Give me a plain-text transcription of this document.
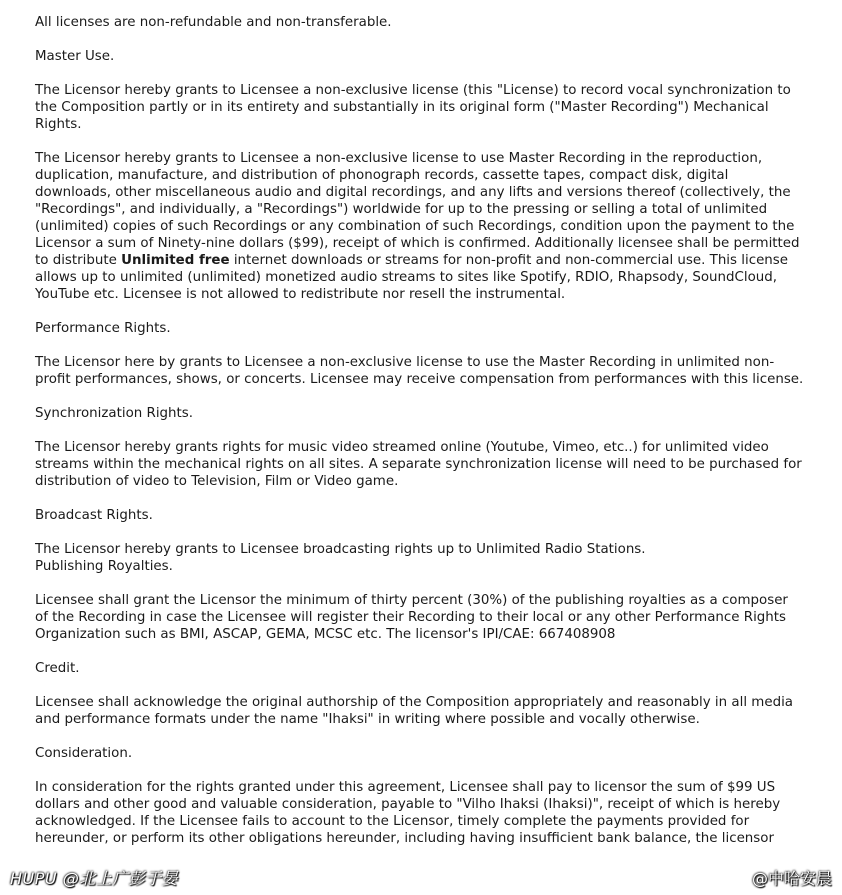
All licenses are non-refundable and non-transferable.

Master Use.

The Licensor hereby grants to Licensee a non-exclusive license (this "License) to record vocal synchronization to the Composition partly or in its entirety and substantially in its original form ("Master Recording") Mechanical Rights.

The Licensor hereby grants to Licensee a non-exclusive license to use Master Recording in the reproduction, duplication, manufacture, and distribution of phonograph records, cassette tapes, compact disk, digital downloads, other miscellaneous audio and digital recordings, and any lifts and versions thereof (collectively, the "Recordings", and individually, a "Recordings") worldwide for up to the pressing or selling a total of unlimited (unlimited) copies of such Recordings or any combination of such Recordings, condition upon the payment to the Licensor a sum of Ninety-nine dollars ($99), receipt of which is confirmed. Additionally licensee shall be permitted to distribute Unlimited free internet downloads or streams for non-profit and non-commercial use. This license allows up to unlimited (unlimited) monetized audio streams to sites like Spotify, RDIO, Rhapsody, SoundCloud, YouTube etc. Licensee is not allowed to redistribute nor resell the instrumental.

Performance Rights.

The Licensor here by grants to Licensee a non-exclusive license to use the Master Recording in unlimited non-profit performances, shows, or concerts. Licensee may receive compensation from performances with this license.

Synchronization Rights.

The Licensor hereby grants rights for music video streamed online (Youtube, Vimeo, etc..) for unlimited video streams within the mechanical rights on all sites. A separate synchronization license will need to be purchased for distribution of video to Television, Film or Video game.

Broadcast Rights.

The Licensor hereby grants to Licensee broadcasting rights up to Unlimited Radio Stations.

Publishing Royalties.

Licensee shall grant the Licensor the minimum of thirty percent (30%) of the publishing royalties as a composer of the Recording in case the Licensee will register their Recording to their local or any other Performance Rights Organization such as BMI, ASCAP, GEMA, MCSC etc. The licensor's IPI/CAE: 667408908

Credit.

Licensee shall acknowledge the original authorship of the Composition appropriately and reasonably in all media and performance formats under the name "Ihaksi" in writing where possible and vocally otherwise.

Consideration.

In consideration for the rights granted under this agreement, Licensee shall pay to licensor the sum of $99 US dollars and other good and valuable consideration, payable to "Vilho Ihaksi (Ihaksi)", receipt of which is hereby acknowledged. If the Licensee fails to account to the Licensor, timely complete the payments provided for hereunder, or perform its other obligations hereunder, including having insufficient bank balance, the licensor

HUPU @北上广彭于晏	@中哈安晨
